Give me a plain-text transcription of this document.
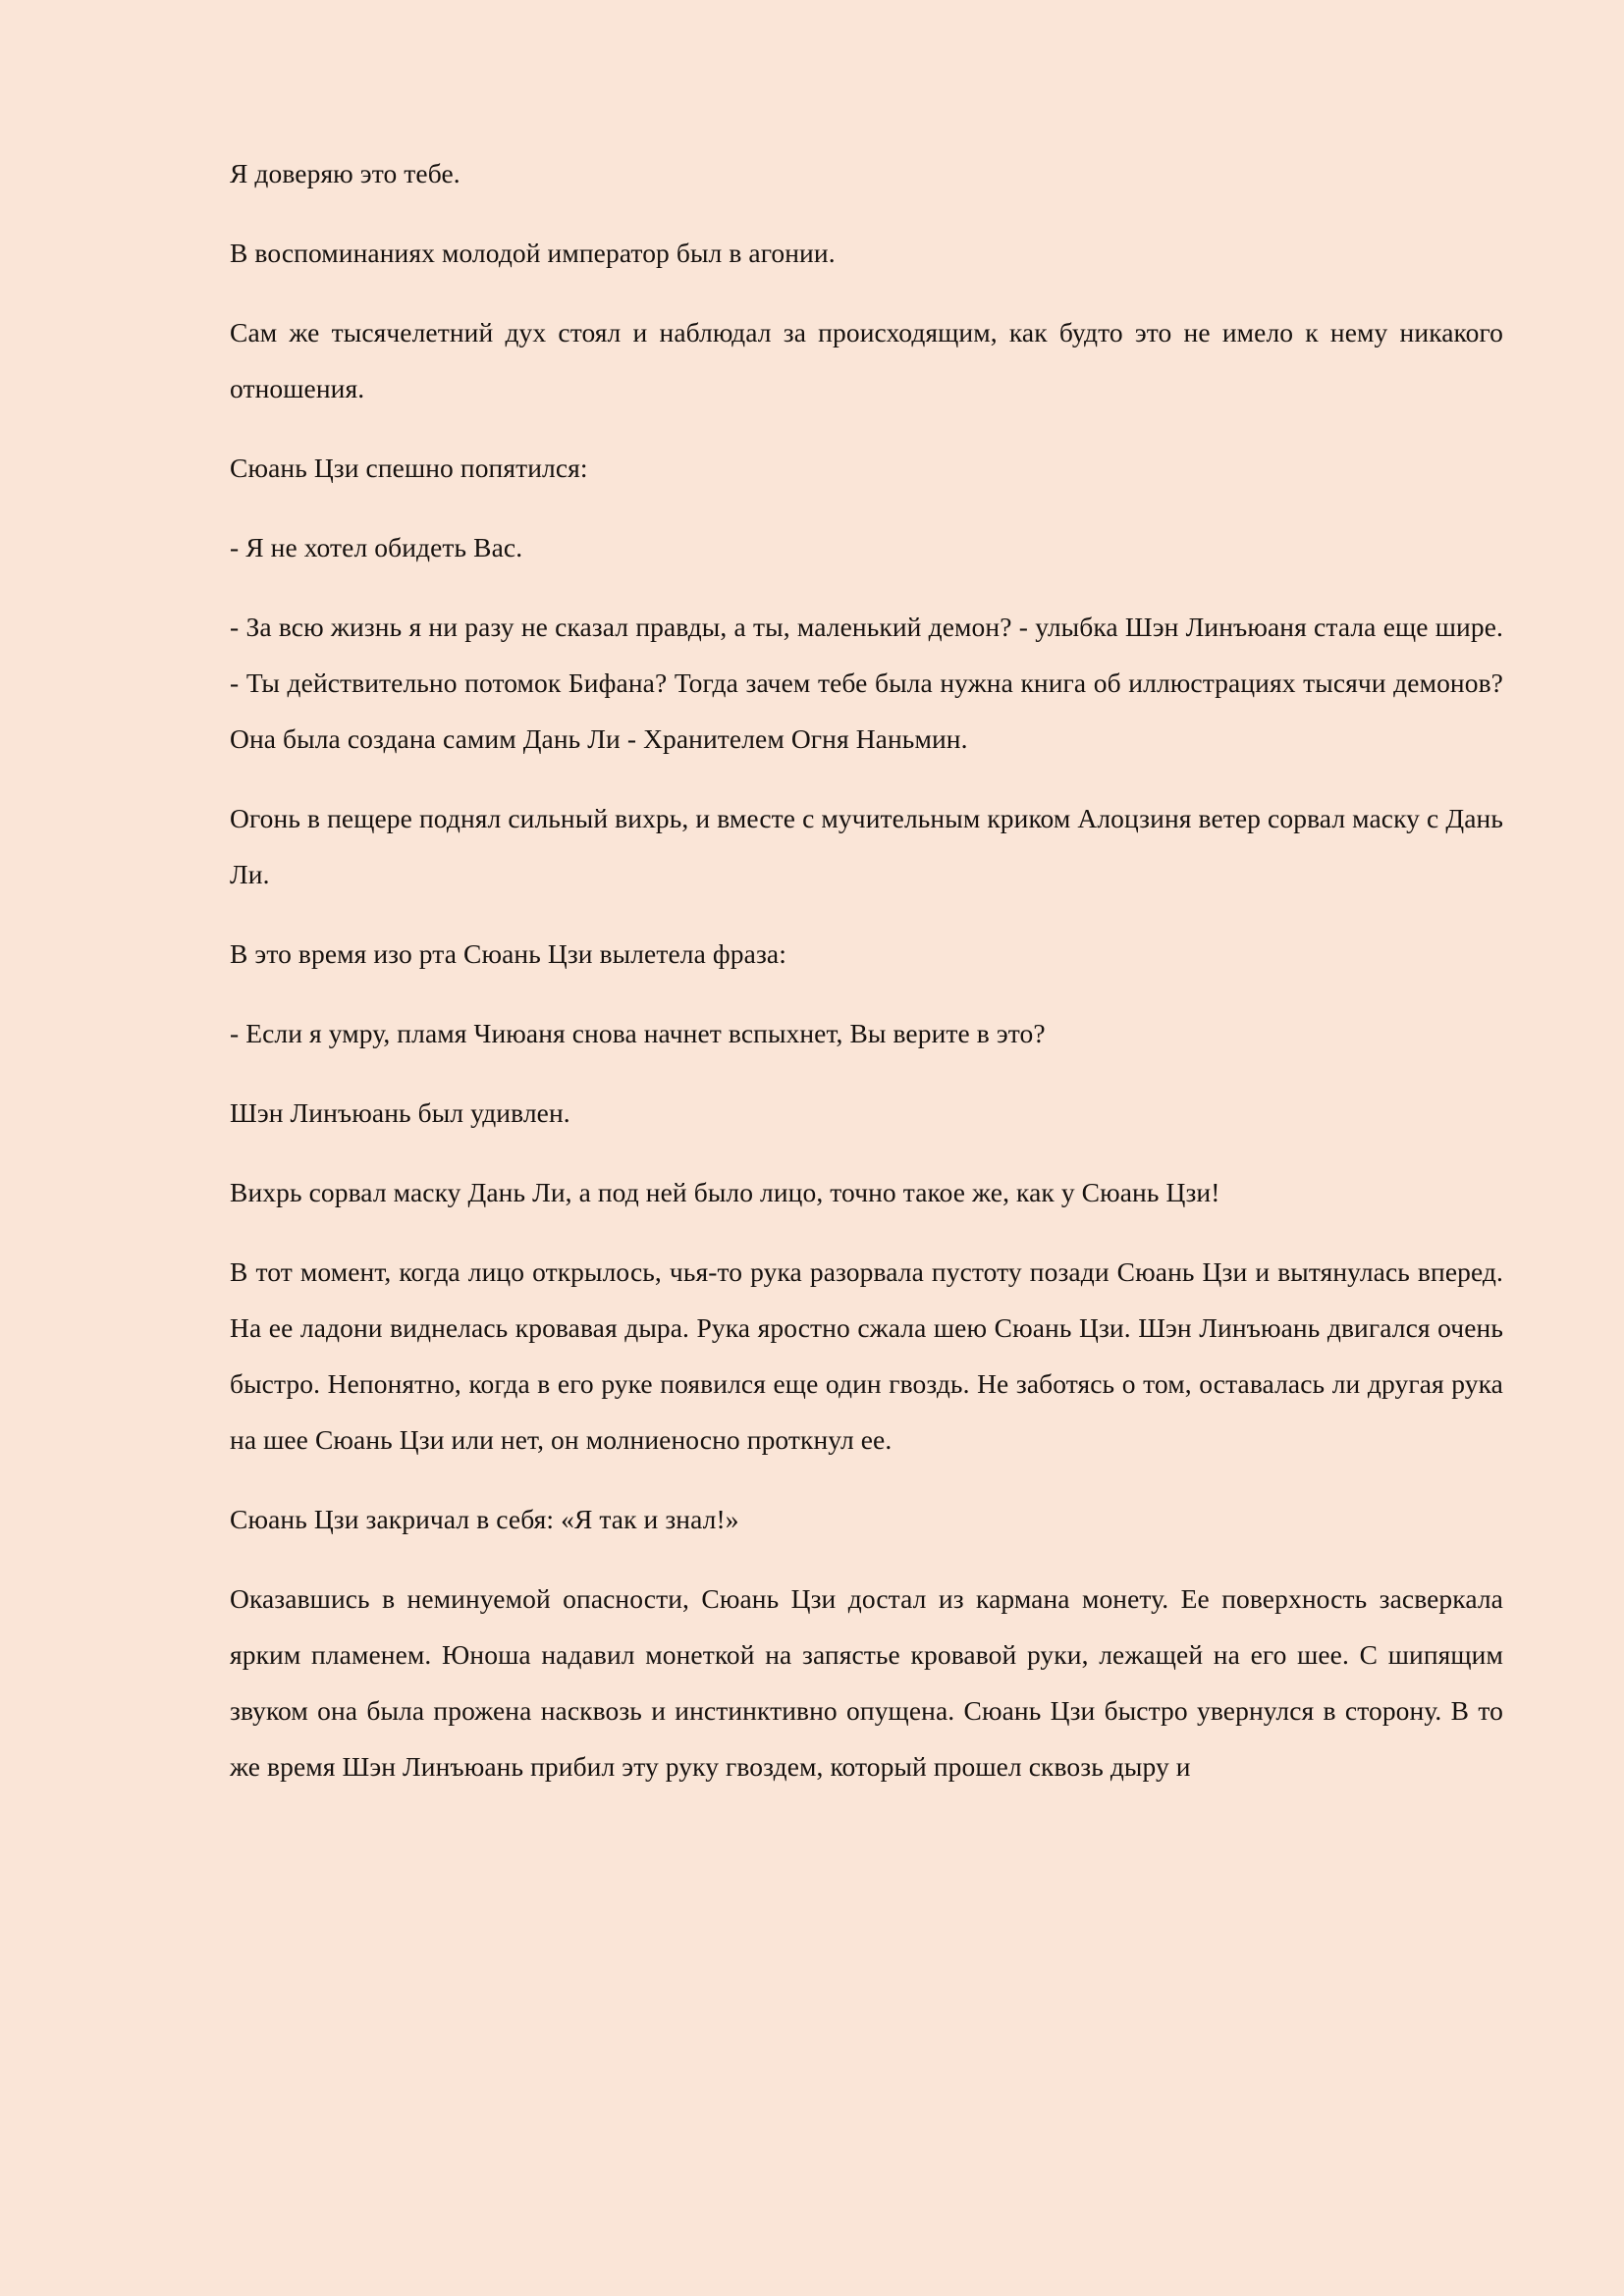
Я доверяю это тебе.

В воспоминаниях молодой император был в агонии.

Сам же тысячелетний дух стоял и наблюдал за происходящим, как будто это не имело к нему никакого отношения.

Сюань Цзи спешно попятился:

- Я не хотел обидеть Вас.

- За всю жизнь я ни разу не сказал правды, а ты, маленький демон? - улыбка Шэн Линъюаня стала еще шире. - Ты действительно потомок Бифана? Тогда зачем тебе была нужна книга об иллюстрациях тысячи демонов? Она была создана самим Дань Ли - Хранителем Огня Наньмин.

Огонь в пещере поднял сильный вихрь, и вместе с мучительным криком Алоцзиня ветер сорвал маску с Дань Ли.

В это время изо рта Сюань Цзи вылетела фраза:

- Если я умру, пламя Чиюаня снова начнет вспыхнет, Вы верите в это?

Шэн Линъюань был удивлен.

Вихрь сорвал маску Дань Ли, а под ней было лицо, точно такое же, как у Сюань Цзи!

В тот момент, когда лицо открылось, чья-то рука разорвала пустоту позади Сюань Цзи и вытянулась вперед. На ее ладони виднелась кровавая дыра. Рука яростно сжала шею Сюань Цзи. Шэн Линъюань двигался очень быстро. Непонятно, когда в его руке появился еще один гвоздь. Не заботясь о том, оставалась ли другая рука на шее Сюань Цзи или нет, он молниеносно проткнул ее.

Сюань Цзи закричал в себя: «Я так и знал!»

Оказавшись в неминуемой опасности, Сюань Цзи достал из кармана монету. Ее поверхность засверкала ярким пламенем. Юноша надавил монеткой на запястье кровавой руки, лежащей на его шее. С шипящим звуком она была прожена насквозь и инстинктивно опущена. Сюань Цзи быстро увернулся в сторону. В то же время Шэн Линъюань прибил эту руку гвоздем, который прошел сквозь дыру и
